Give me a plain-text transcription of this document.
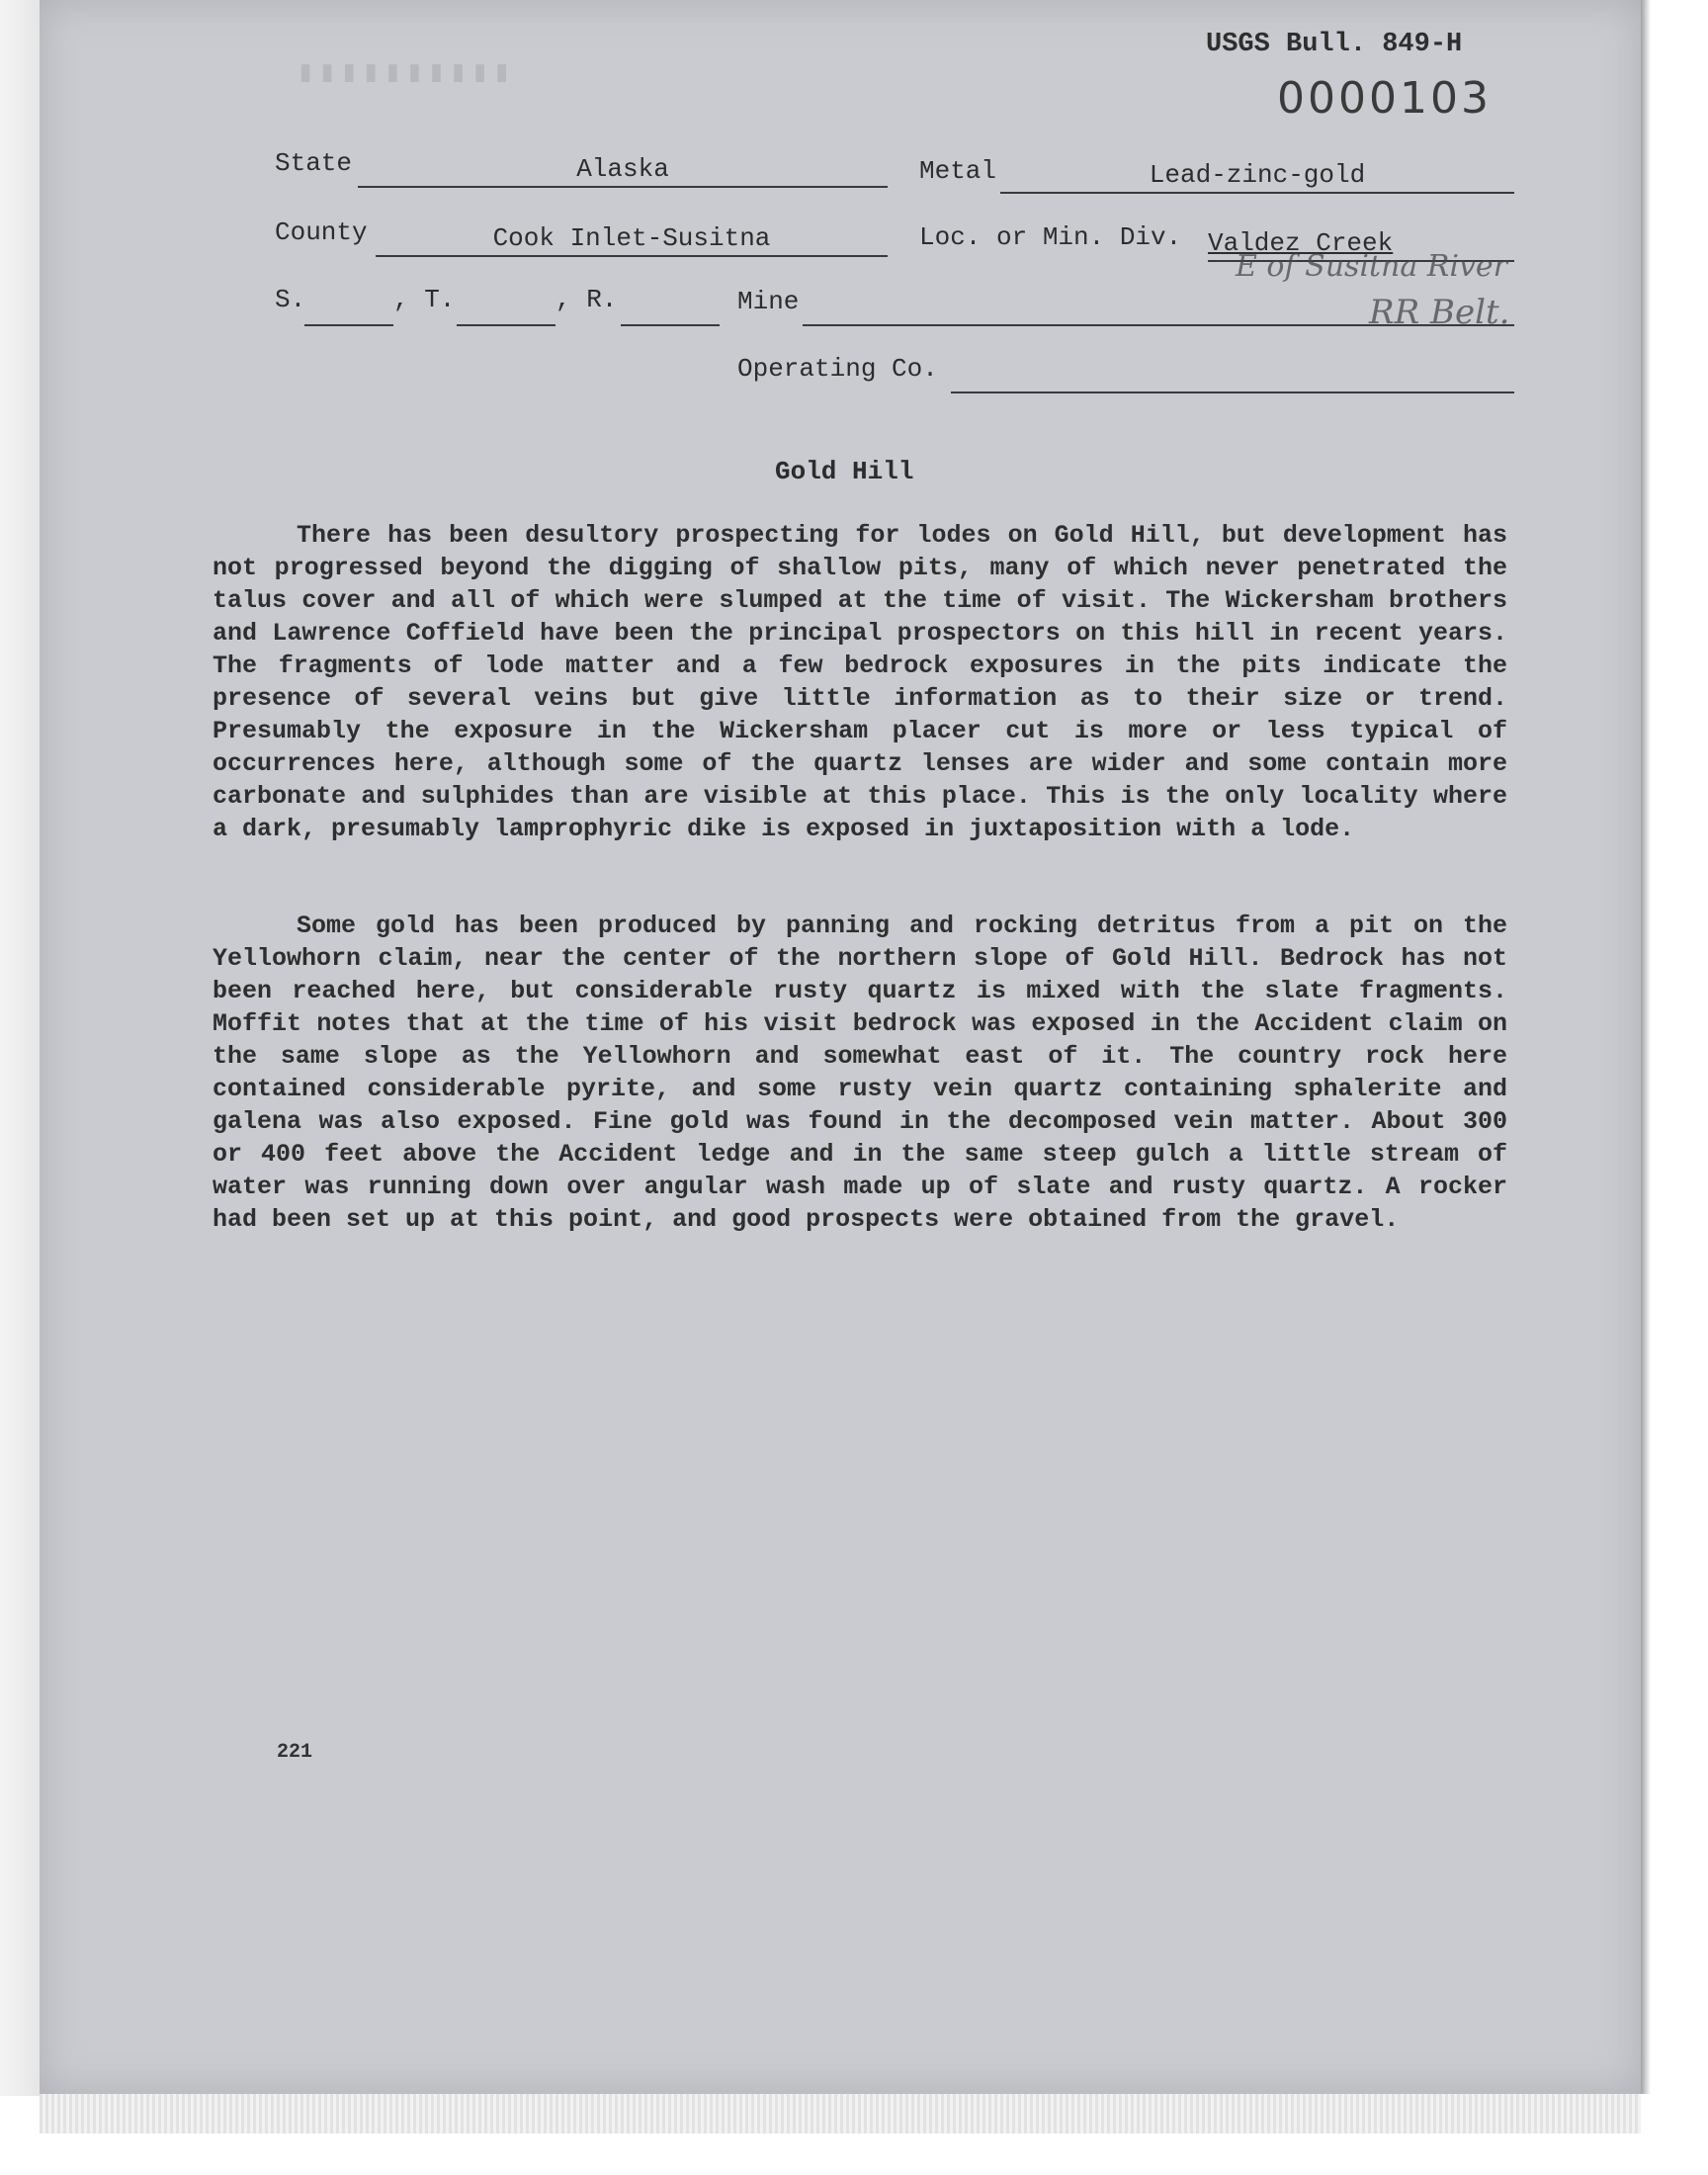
▮▮▮▮▮▮▮▮▮▮
USGS Bull. 849-H
0000103
State	Alaska	Metal	Lead-zinc-gold
County	Cook Inlet-Susitna	Loc. or Min. Div. Valdez Creek
E of Susitna River
RR Belt.
S.	, T.	, R.	Mine
Operating Co.
Gold Hill

There has been desultory prospecting for lodes on Gold Hill, but development has not progressed beyond the digging of shallow pits, many of which never penetrated the talus cover and all of which were slumped at the time of visit. The Wickersham brothers and Lawrence Coffield have been the principal prospectors on this hill in recent years. The fragments of lode matter and a few bedrock exposures in the pits indicate the presence of several veins but give little information as to their size or trend. Presumably the exposure in the Wickersham placer cut is more or less typical of occurrences here, although some of the quartz lenses are wider and some contain more carbonate and sulphides than are visible at this place. This is the only locality where a dark, presumably lamprophyric dike is exposed in juxtaposition with a lode.

Some gold has been produced by panning and rocking detritus from a pit on the Yellowhorn claim, near the center of the northern slope of Gold Hill. Bedrock has not been reached here, but considerable rusty quartz is mixed with the slate fragments. Moffit notes that at the time of his visit bedrock was exposed in the Accident claim on the same slope as the Yellowhorn and somewhat east of it. The country rock here contained considerable pyrite, and some rusty vein quartz containing sphalerite and galena was also exposed. Fine gold was found in the decomposed vein matter. About 300 or 400 feet above the Accident ledge and in the same steep gulch a little stream of water was running down over angular wash made up of slate and rusty quartz. A rocker had been set up at this point, and good prospects were obtained from the gravel.

221
